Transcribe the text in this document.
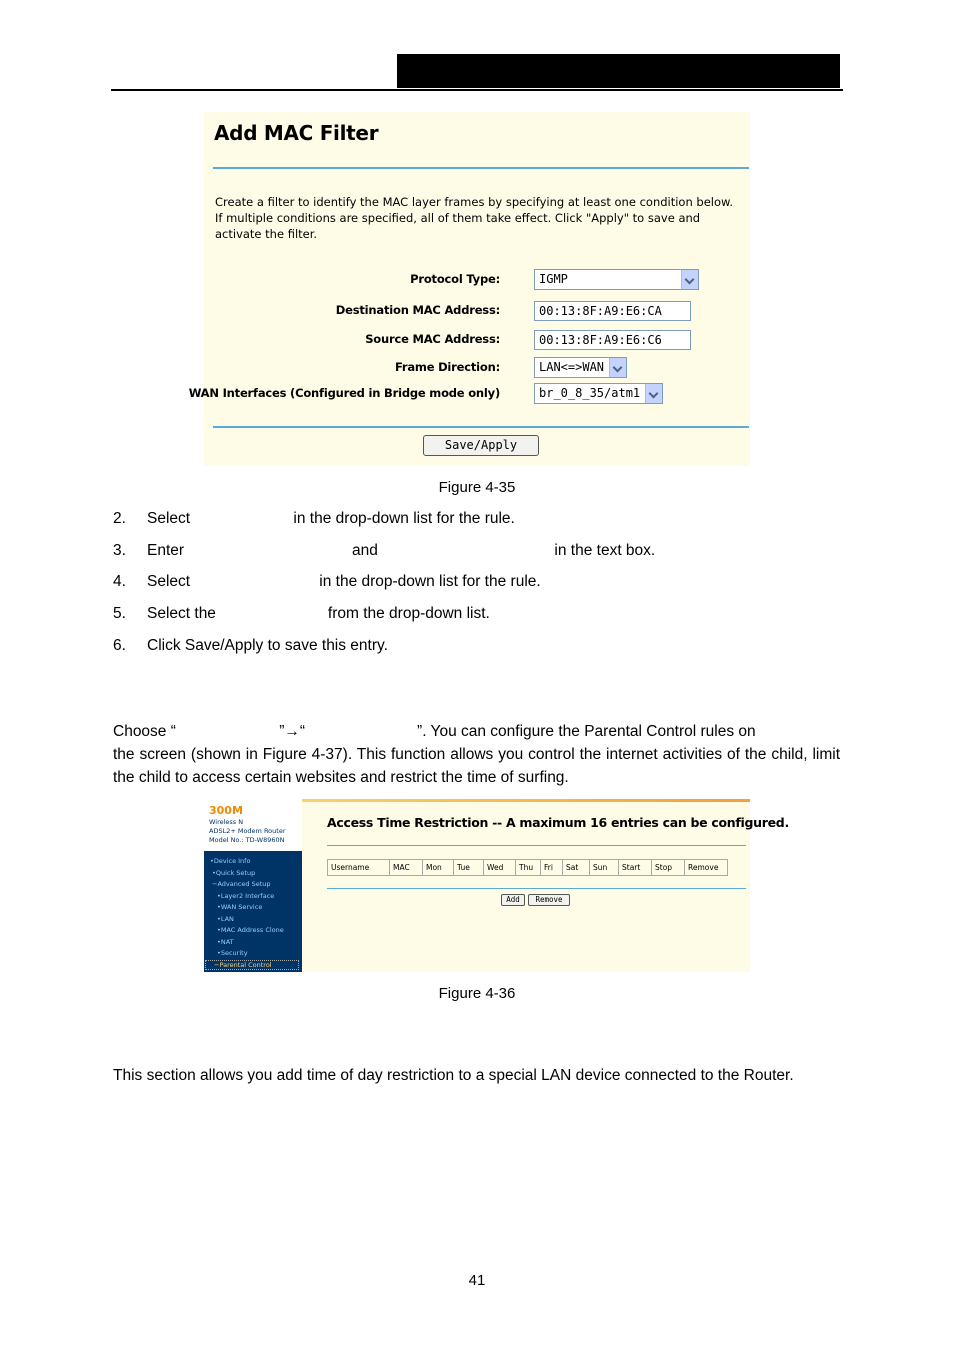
Add MAC Filter
Create a filter to identify the MAC layer frames by specifying at least one condition below. If multiple conditions are specified, all of them take effect. Click "Apply" to save and activate the filter.
Protocol Type:	IGMP
Destination MAC Address:	00:13:8F:A9:E6:CA
Source MAC Address:	00:13:8F:A9:E6:C6
Frame Direction:	LAN<=>WAN
WAN Interfaces (Configured in Bridge mode only)	br_0_8_35/atm1
Save/Apply
Figure 4-35
2. Select                        in the drop-down list for the rule.
3. Enter                                       and                                         in the text box.
4. Select                              in the drop-down list for the rule.
5. Select the                          from the drop-down list.
6. Click Save/Apply to save this entry.
Choose “                        ”→“                          ”. You can configure the Parental Control rules on
the screen (shown in Figure 4-37). This function allows you control the internet activities of the child, limit the child to access certain websites and restrict the time of surfing.
300M
Wireless N
ADSL2+ Modem Router
Model No.: TD-W8960N
•Device Info
•Quick Setup
−Advanced Setup
•Layer2 Interface
•WAN Service
•LAN
•MAC Address Clone
•NAT
•Security
−Parental Control
Access Time Restriction -- A maximum 16 entries can be configured.
Username	MAC	Mon	Tue	Wed	Thu	Fri	Sat	Sun	Start	Stop	Remove
Add	Remove
Figure 4-36
This section allows you add time of day restriction to a special LAN device connected to the Router.
41
